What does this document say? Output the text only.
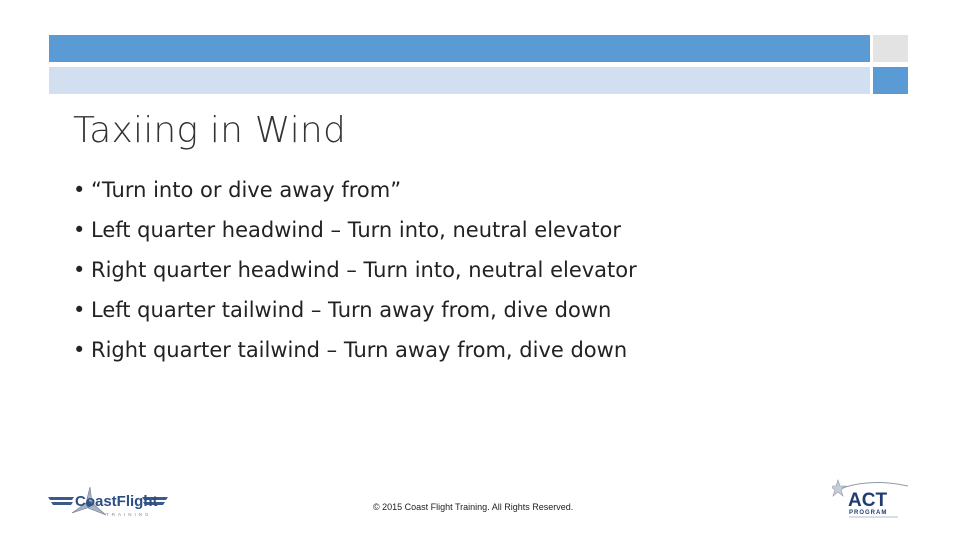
Taxiing in Wind
• “Turn into or dive away from”
• Left quarter headwind – Turn into, neutral elevator
• Right quarter headwind – Turn into, neutral elevator
• Left quarter tailwind – Turn away from, dive down
• Right quarter tailwind – Turn away from, dive down
CoastFlight
TRAINING
© 2015 Coast Flight Training. All Rights Reserved.	ACT
PROGRAM
